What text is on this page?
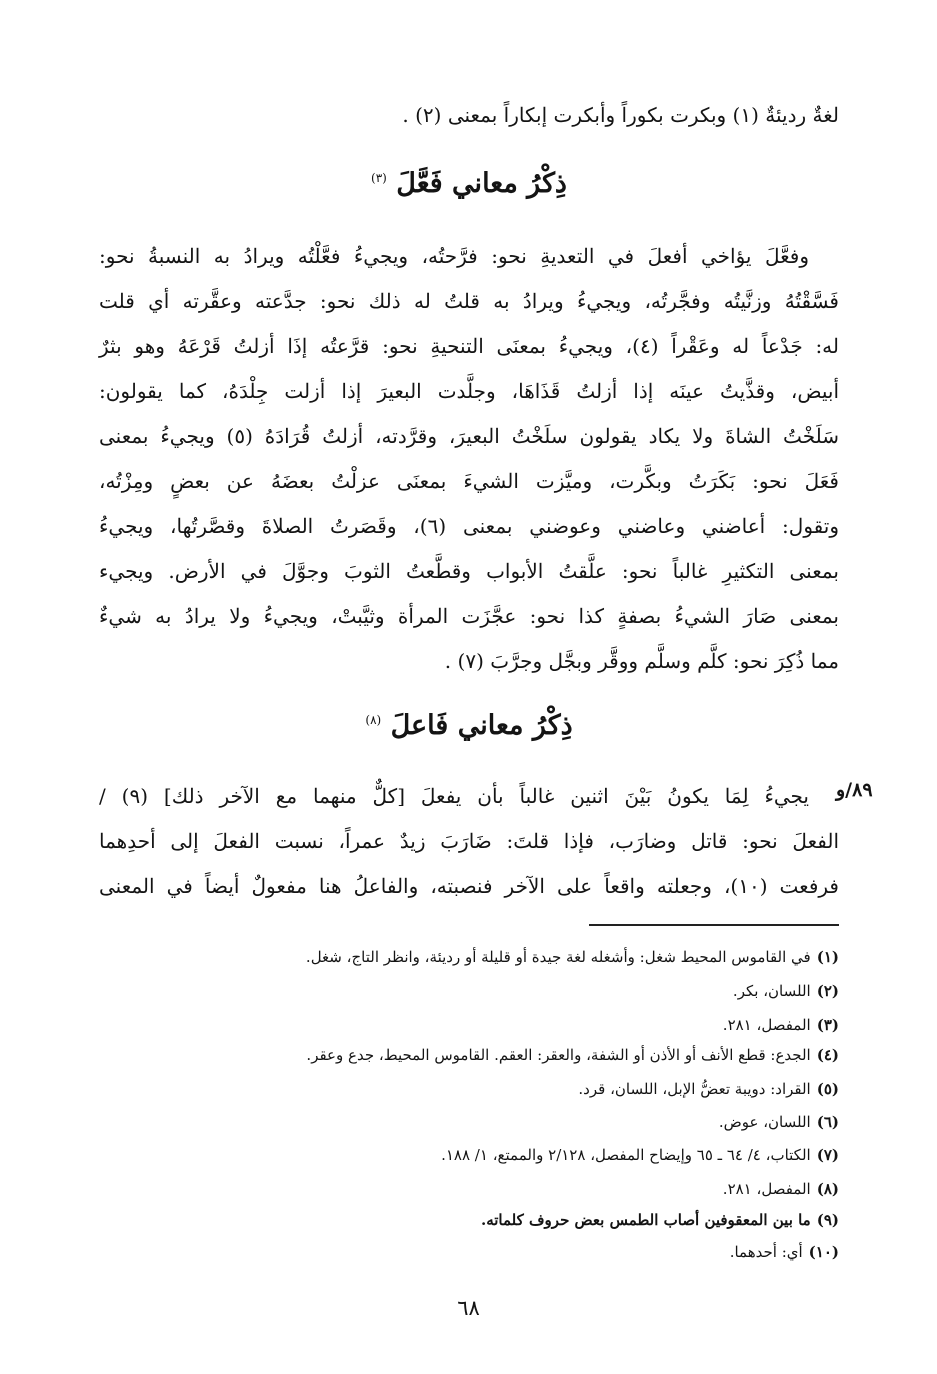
لغةٌ رديئةٌ (١) وبكرت بكوراً وأبكرت إبكاراً بمعنى (٢) .
ذِكْرُ معاني فَعَّلَ $^{(٣)}$
وفعَّلَ يؤاخي أفعلَ في التعديةِ نحو: فرَّحتُه، ويجيءُ فعَّلْتُه ويرادُ به النسبةُ نحو:
فَسَّقْتُهُ وزنَّيتُه وفجَّرتُه، ويجيءُ ويرادُ به قلتُ له ذلك نحو: جدَّعته وعقَّرته أي قلت
له: جَدْعاً له وعَقْراً (٤)، ويجيءُ بمعنَى التنحيةِ نحو: قرَّعتُه إذَا أزلتُ قَرْعَهُ وهو بثرٌ
أبيض، وقذَّيتُ عينَه إذا أزلتُ قَذَاهَا، وجلَّدت البعيرَ إذا أزلت جِلْدَهُ، كما يقولون:
سَلَخْتُ الشاةَ ولا يكاد يقولون سلَخْتُ البعيرَ، وقرَّدته، أزلتُ قُرَادَهُ (٥) ويجيءُ بمعنى
فَعَلَ نحو: بَكَرَتُ وبكَّرت، وميَّزت الشيءَ بمعنَى عزلْتُ بعضَهُ عن بعضٍ ومِزْتُه،
وتقول: أعاضني وعاضني وعوضني بمعنى (٦)، وقَصَرتُ الصلاةَ وقصَّرتُها، ويجيءُ
بمعنى التكثيرِ غالباً نحو: علَّقتُ الأبواب وقطَّعتُ الثوبَ وجوَّلَ في الأرض. ويجيء
بمعنى صَارَ الشيءُ بصفةٍ كذا نحو: عجَّزَت المرأة وثيَّبتْ، ويجيءُ ولا يرادُ به شيءٌ
مما ذُكِرَ نحو: كلَّم وسلَّم ووقَّر وبجَّل وجرَّبَ (٧) .
ذِكْرُ معاني فَاعلَ $^{(٨)}$
٨٩/و
يجيءُ لِمَا يكونُ بَيْنَ اثنين غالباً بأن يفعلَ [كلٌّ منهما مع الآخر ذلك] (٩) /
الفعلَ نحو: قاتل وضارَب، فإذا قلتَ: ضَارَبَ زيدٌ عمراً، نسبت الفعلَ إلى أحدِهما
فرفعت (١٠)، وجعلته واقعاً على الآخر فنصبته، والفاعلُ هنا مفعولٌ أيضاً في المعنى
(١)في القاموس المحيط شغل: وأشغله لغة جيدة أو قليلة أو رديئة، وانظر التاج، شغل.
(٢)اللسان، بكر.
(٣)المفصل، ٢٨١.
(٤)الجدع: قطع الأنف أو الأذن أو الشفة، والعقر: العقم. القاموس المحيط، جدع وعقر.
(٥)القراد: دويبة تعضُّ الإبل، اللسان، قرد.
(٦)اللسان، عوض.
(٧)الكتاب، ٤/ ٦٤ ـ ٦٥ وإيضاح المفصل، ٢/١٢٨ والممتع، ١/ ١٨٨.
(٨)المفصل، ٢٨١.
(٩)ما بين المعقوفين أصاب الطمس بعض حروف كلماته.
(١٠)أي: أحدهما.
٦٨
